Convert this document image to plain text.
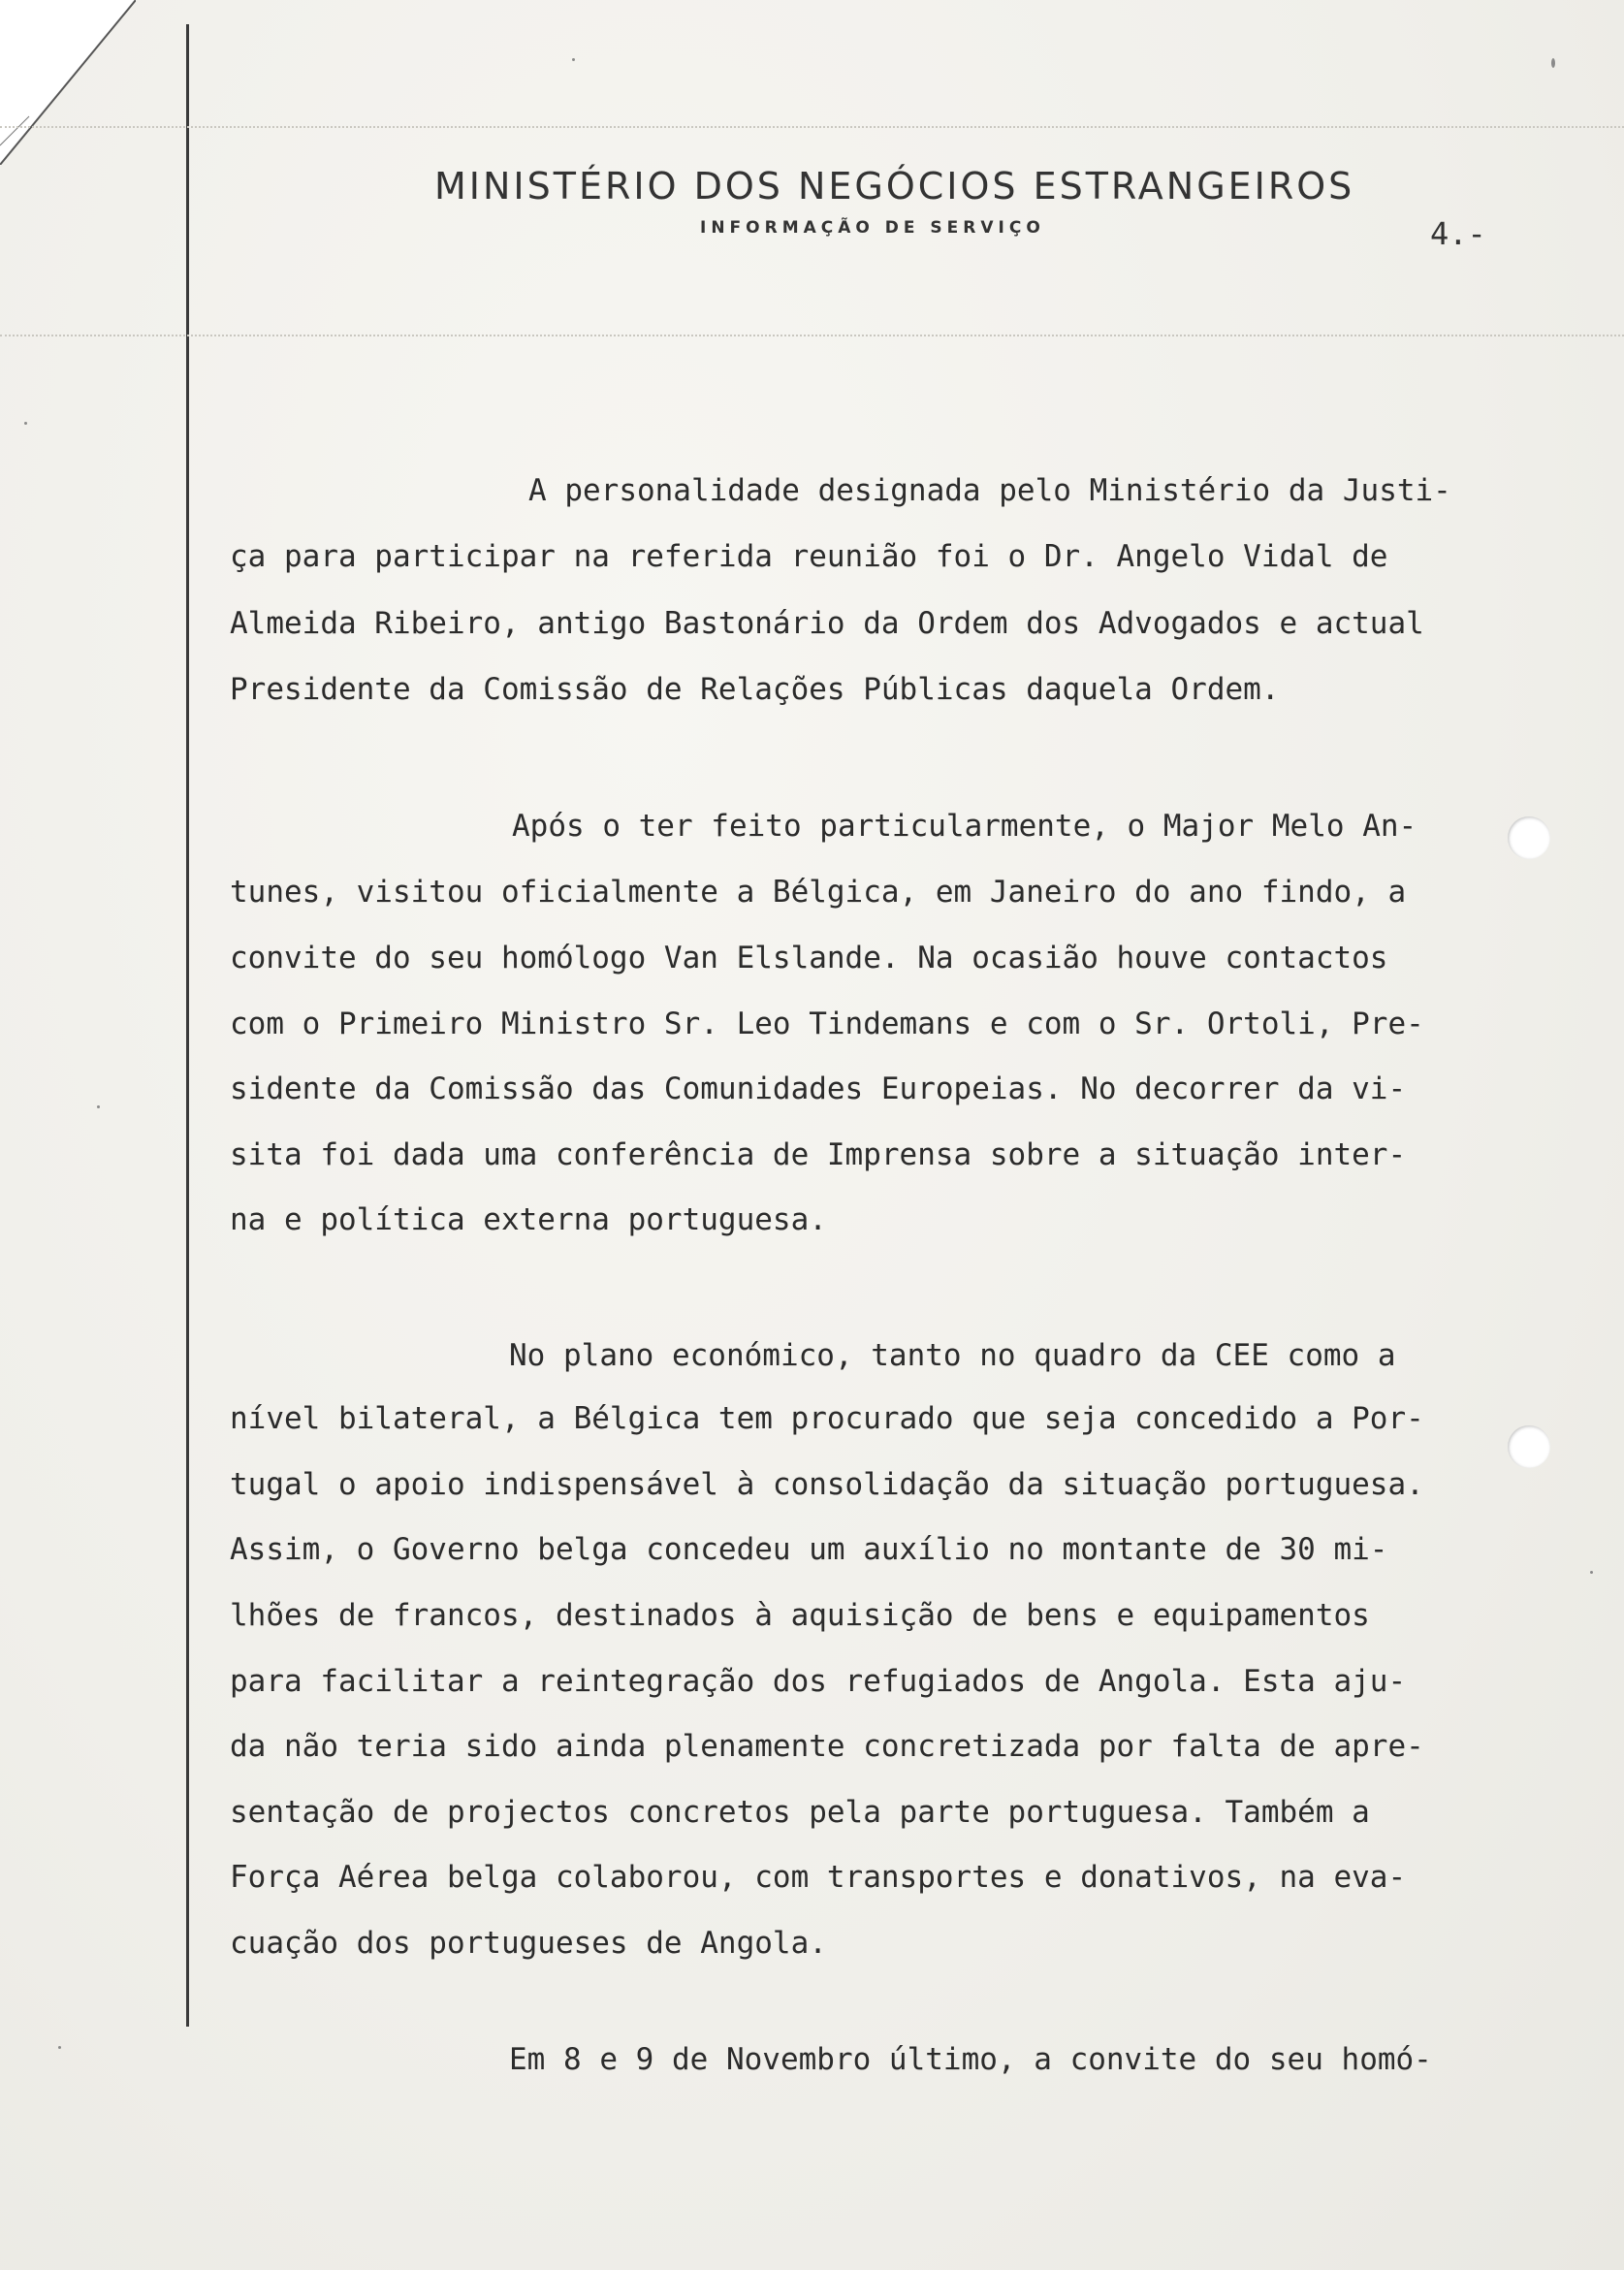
MINISTÉRIO DOS NEGÓCIOS ESTRANGEIROS
INFORMAÇÃO DE SERVIÇO	4.-
A personalidade designada pelo Ministério da Justi-
ça para participar na referida reunião foi o Dr. Angelo Vidal de
Almeida Ribeiro, antigo Bastonário da Ordem dos Advogados e actual
Presidente da Comissão de Relações Públicas daquela Ordem.
Após o ter feito particularmente, o Major Melo An-
tunes, visitou oficialmente a Bélgica, em Janeiro do ano findo, a
convite do seu homólogo Van Elslande. Na ocasião houve contactos
com o Primeiro Ministro Sr. Leo Tindemans e com o Sr. Ortoli, Pre-
sidente da Comissão das Comunidades Europeias. No decorrer da vi-
sita foi dada uma conferência de Imprensa sobre a situação inter-
na e política externa portuguesa.
No plano económico, tanto no quadro da CEE como a
nível bilateral, a Bélgica tem procurado que seja concedido a Por-
tugal o apoio indispensável à consolidação da situação portuguesa.
Assim, o Governo belga concedeu um auxílio no montante de 30 mi-
lhões de francos, destinados à aquisição de bens e equipamentos
para facilitar a reintegração dos refugiados de Angola. Esta aju-
da não teria sido ainda plenamente concretizada por falta de apre-
sentação de projectos concretos pela parte portuguesa. Também a
Força Aérea belga colaborou, com transportes e donativos, na eva-
cuação dos portugueses de Angola.
Em 8 e 9 de Novembro último, a convite do seu homó-
